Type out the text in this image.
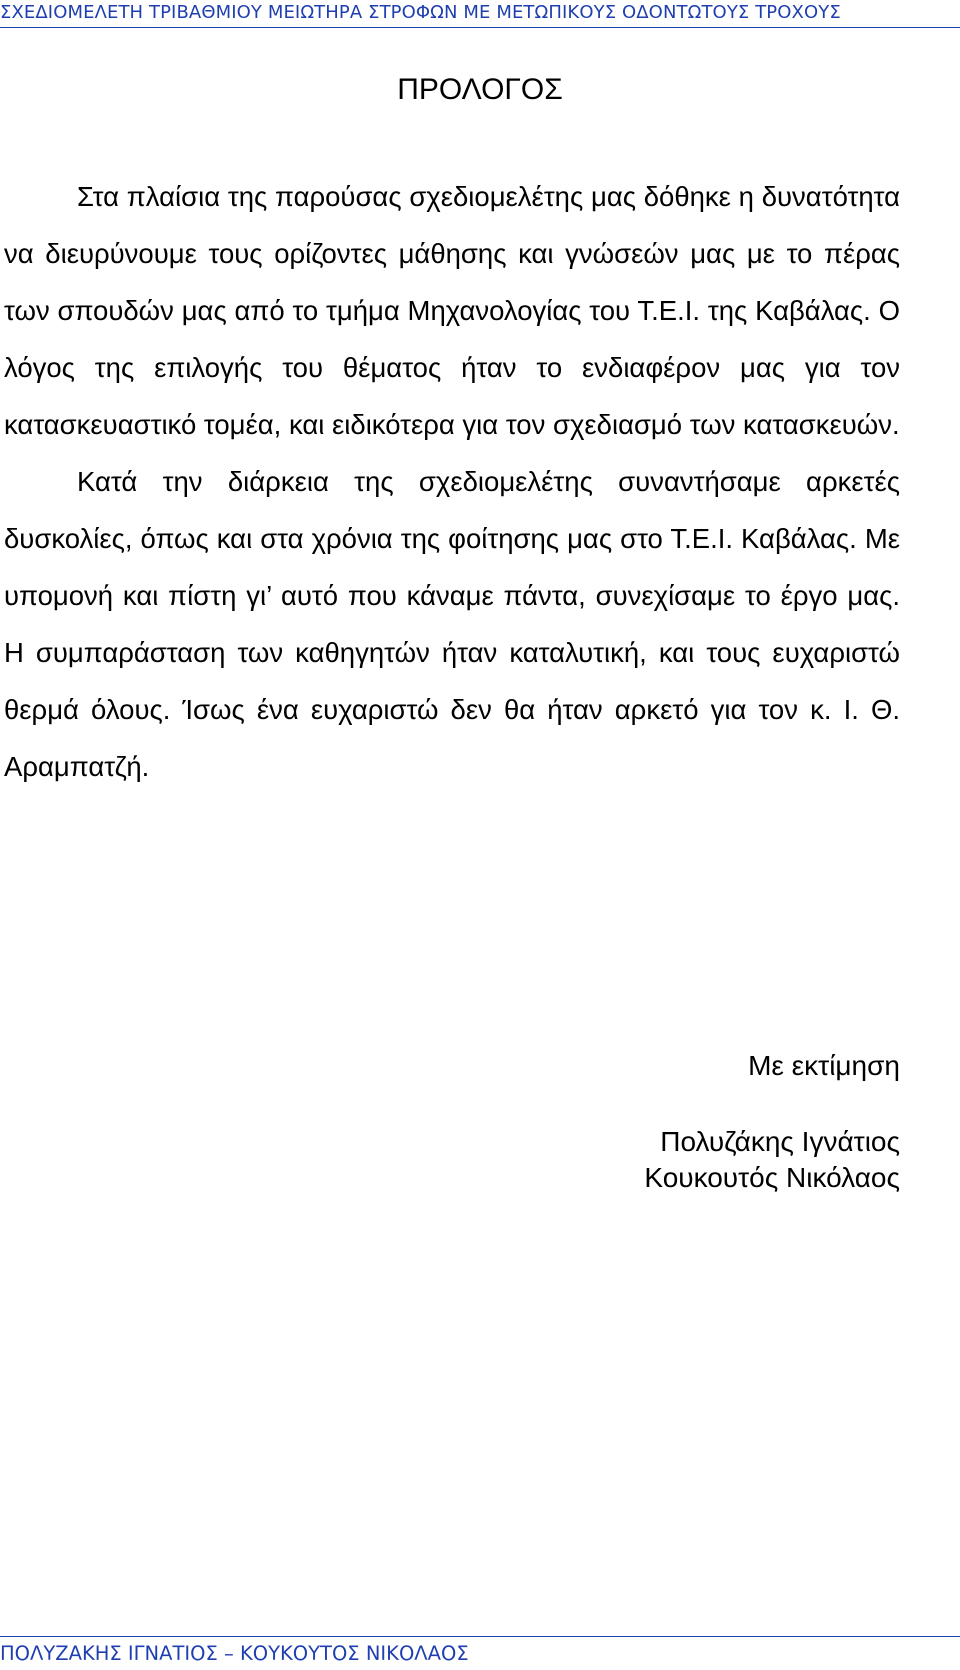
ΣΧΕΔΙΟΜΕΛΕΤΗ ΤΡΙΒΑΘΜΙΟΥ ΜΕΙΩΤΗΡΑ ΣΤΡΟΦΩΝ ΜΕ ΜΕΤΩΠΙΚΟΥΣ ΟΔΟΝΤΩΤΟΥΣ ΤΡΟΧΟΥΣ
ΠΡΟΛΟΓΟΣ

Στα πλαίσια της παρούσας σχεδιομελέτης μας δόθηκε η δυνατότητα να διευρύνουμε τους ορίζοντες μάθησης και γνώσεών μας με το πέρας των σπουδών μας από το τμήμα Μηχανολογίας του Τ.Ε.Ι. της Καβάλας. Ο λόγος της επιλογής του θέματος ήταν το ενδιαφέρον μας για τον κατασκευαστικό τομέα, και ειδικότερα για τον σχεδιασμό των κατασκευών.

Κατά την διάρκεια της σχεδιομελέτης συναντήσαμε αρκετές δυσκολίες, όπως και στα χρόνια της φοίτησης μας στο Τ.Ε.Ι. Καβάλας. Με υπομονή και πίστη γι’ αυτό που κάναμε πάντα, συνεχίσαμε το έργο μας. Η συμπαράσταση των καθηγητών ήταν καταλυτική, και τους ευχαριστώ θερμά όλους. Ίσως ένα ευχαριστώ δεν θα ήταν αρκετό για τον κ. Ι. Θ. Αραμπατζή.

Με εκτίμηση
Πολυζάκης Ιγνάτιος
Κουκουτός Νικόλαος
ΠΟΛΥΖΑΚΗΣ ΙΓΝΑΤΙΟΣ – ΚΟΥΚΟΥΤΟΣ ΝΙΚΟΛΑΟΣ
